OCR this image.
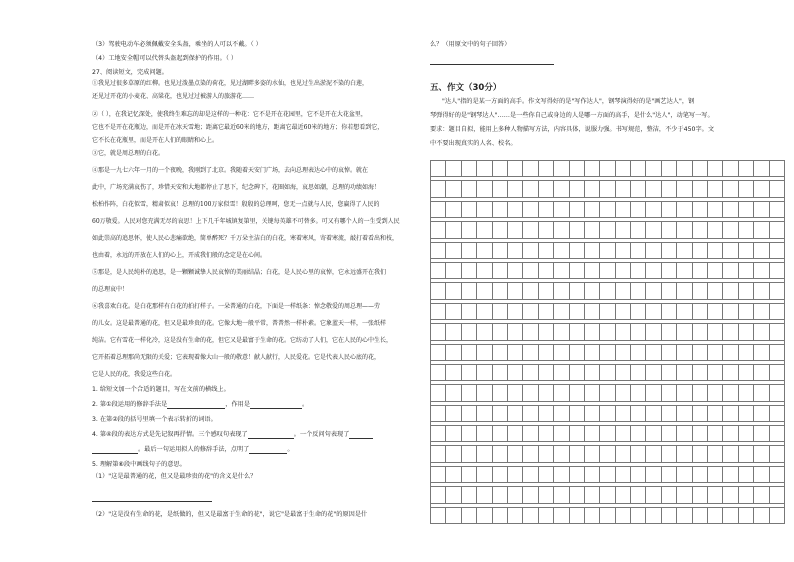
（3）驾驶电动车必须佩戴安全头盔，乘坐的人可以不戴。（ ）
（4）工地安全帽可以代替头盔起到保护的作用。（ ）
27、阅读短文，完成问题。
①我见过很多草原的红柳。也见过泼墨点染的荷花，见过湖畔多姿的水仙，也见过生出淤泥不染的白莲，
还见过开花的小麦花、高粱花，也见过过被游人的旅游花……
②（ ），在我记忆深处，使我终生难忘的却是这样的一种花：它不是开在花园里，它不是开在大花盆里，
它也不是开在花瓶边，而是开在冰天雪地；距离它最近60米的地方，距离它最近60米的地方；你若想看到它，
它不长在花瓶里，而是开在人们的眼睛和心上。
③它，就是周总理的白花。
④那是一九七六年一月的一个夜晚，我刚到了北京。我随着天安门广场，去向总理表达心中的哀悼。就在
此中，广场充满哀伤了，珍惜天安和大地都停止了思下，纪念碑下，花圈如海，哀思如潮，总理的功绩如海！
松柏作阵，白花似雪，精肃似哀！总理的100万家似雪！殷殷的总理呵，您无一点就与人民，您赢得了人民的
60万敬爱。人民对您充满无尽的哀思！上下几千年城镇复第里，关键每英雄不可替多。可又有哪个人的一生受到人民
如此崇高的追思怀，使人民心悲痛欲绝，简单醉死？千万朵主洁白的白花，寒着寒风，寄着寒流，敲打着看出和枝，
也由着，永远的开放在人们的心上，开成我们般的念定是在心间。
⑤那是，是人民纯朴的追思，是一颗颗诚挚人民哀悼的美丽结晶；白花，是人民心里的哀悼，它永远盛开在我们
的总理哀中！
⑥我喜欢白花。是白花那样有白花的拍打样子。一朵普通的白花，下面是一样纸条：悼念敬爱的周总理——劳
的儿女。这是最普通的花，但又是最珍贵的花。它像大地一般平常，普普然一样朴素。它象蓝天一样，一张纸样
纯洁。它有雪花一样化冷，这是没有生命的花，但它又是最富于生命的花。它纺动了人们，它在人民的心中生长，
它开拓着总理那尚无限的关爱；它表现着像大山一般的敬意！献人献行，人民爱花。它是代表人民心底的花，
它是人民的花，我爱这些白花。
1. 给短文加一个合适的题目，写在文前的横线上。
2. 第①段运用的修辞手法是	，作用是	。
3. 在第②段的括号里填一个表示转折的词语。
4. 第④段的表达方式是先记叙再抒情。三个感叹句表现了	。一个反问句表现了
。最后一句运用拟人的修辞手法，点明了	。
5. 理解第⑥段中画线句子的意思。
（1）"这是最普通的花，但又是最珍贵的花"的含义是什么？
（2）"这是没有生命的花，是纸做的，但又是最富于生命的花"，说它"是最富于生命的花"的原因是什
么？（用原文中的句子回答）
五、作文（30分）
"达人"指的是某一方面的高手。作文写得好的是"写作达人"，钢琴演得好的是"画艺达人"，钢
琴弹得好的是"钢琴达人"……是一些你自己或身边的人是哪一方面的高手，是什么"达人"，动笔写一写。
要求：题目自拟，能用上多种人物描写方法，内容具体，说服力强。书写规范，整洁，不少于450字。文
中不要出现真实的人名、校名。
